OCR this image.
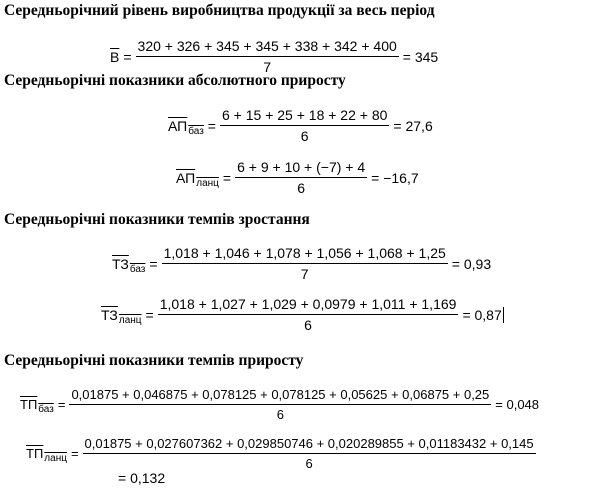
Середньорічний рівень виробництва продукції за весь період
$В = \frac{320 + 326 + 345 + 345 + 338 + 342 + 400}{7} = 345$
Середньорічні показники абсолютного приросту
АП баз = $\frac{6 + 15 + 25 + 18 + 22 + 80}{6} = 27,6$
АП ланц = $\frac{6 + 9 + 10 + (-7) + 4}{6} = -16,7$
Середньорічні показники темпів зростання
ТЗ баз = $\frac{1,018 + 1,046 + 1,078 + 1,056 + 1,068 + 1,25}{7} = 0,93$
ТЗ ланц = $\frac{1,018 + 1,027 + 1,029 + 0,0979 + 1,011 + 1,169}{6} = 0,87$
Середньорічні показники темпів приросту
ТП баз =
0,01875 + 0,046875 + 0,078125 + 0,078125 + 0,05625 + 0,06875 + 0,25
6
= 0,048
ТП ланц =
0,01875 + 0,027607362 + 0,029850746 + 0,020289855 + 0,01183432 + 0,145
6
= 0,132
